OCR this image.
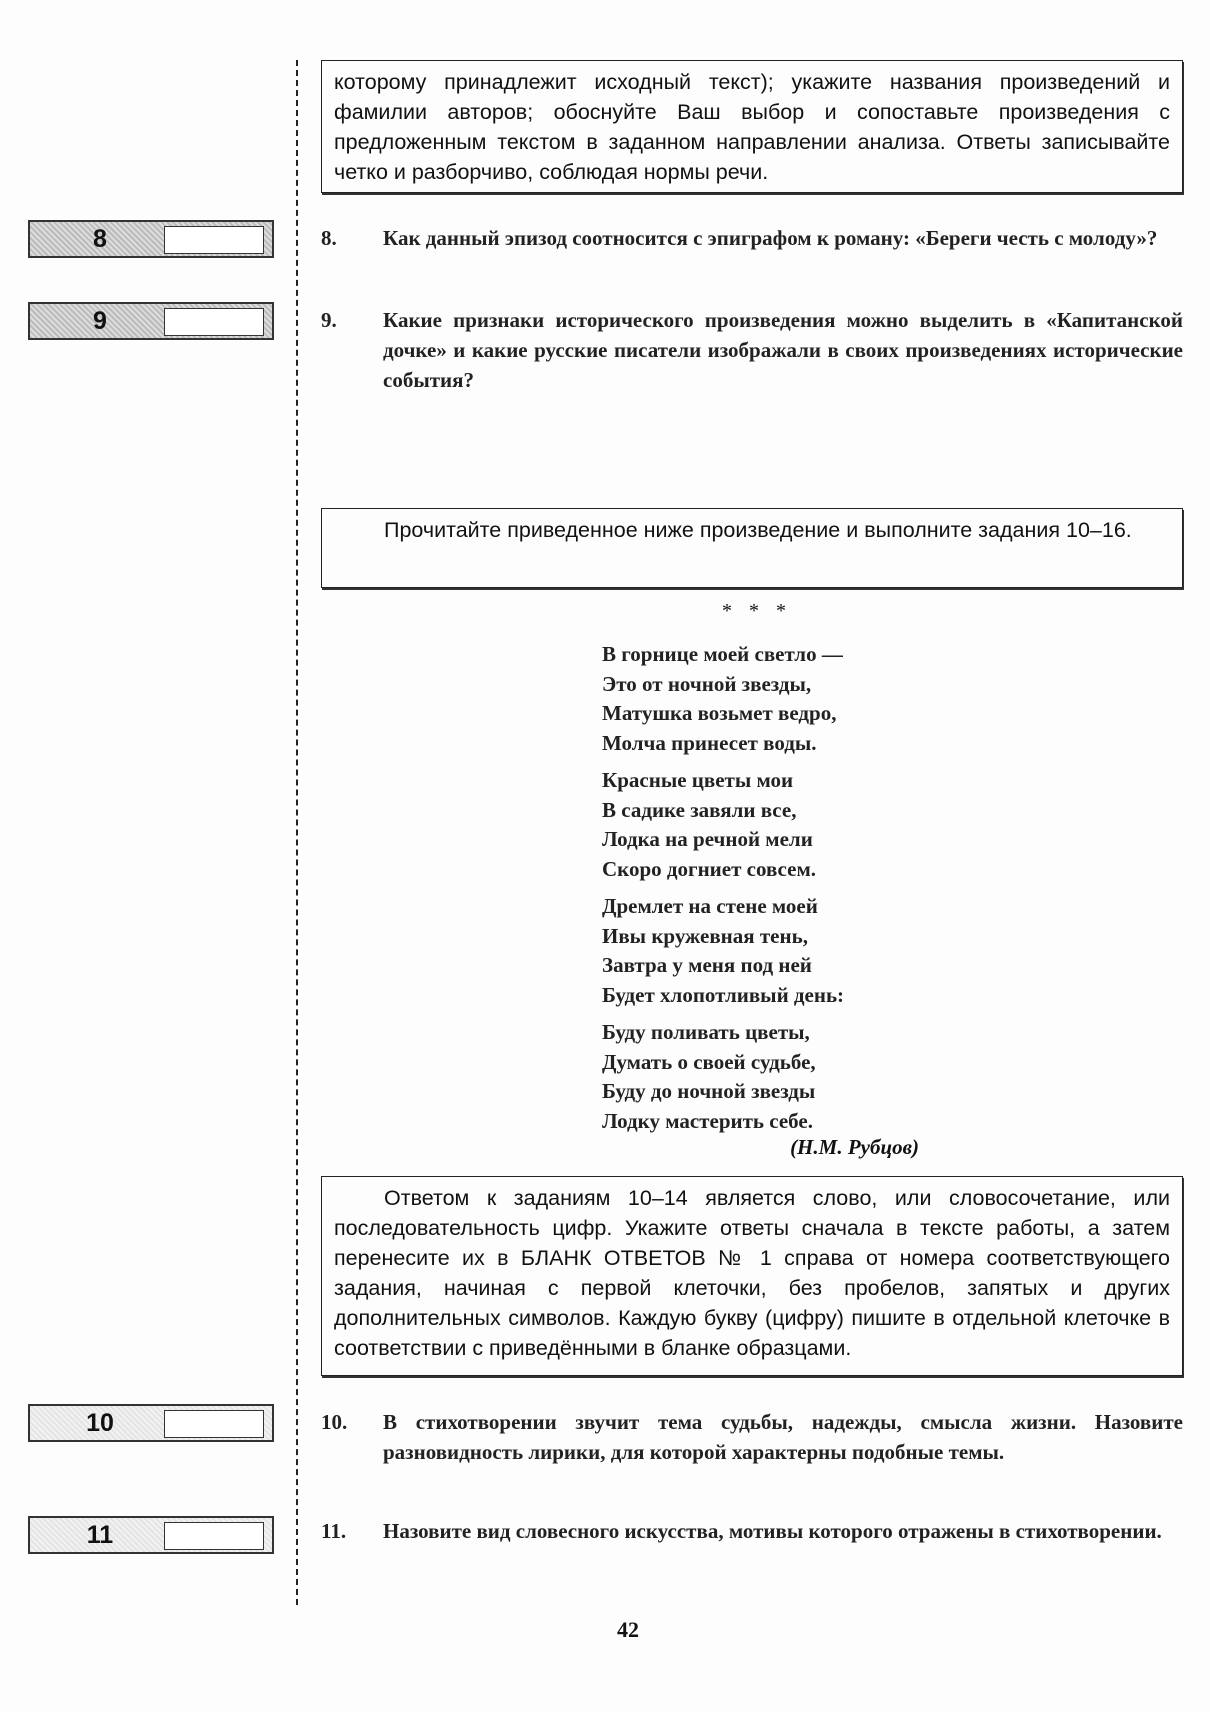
которому принадлежит исходный текст); укажите названия произведений и фамилии авторов; обоснуйте Ваш выбор и сопоставьте произведения с предложенным текстом в заданном направлении анализа. Ответы записывайте четко и разборчиво, соблюдая нормы речи.
8	8. Как данный эпизод соотносится с эпиграфом к роману: «Береги честь с молоду»?
9	9. Какие признаки исторического произведения можно выделить в «Капитанской дочке» и какие русские писатели изображали в своих произведениях исторические события?
Прочитайте приведенное ниже произведение и выполните задания 10–16.
* * *
В горнице моей светло —
Это от ночной звезды,
Матушка возьмет ведро,
Молча принесет воды.
Красные цветы мои
В садике завяли все,
Лодка на речной мели
Скоро догниет совсем.
Дремлет на стене моей
Ивы кружевная тень,
Завтра у меня под ней
Будет хлопотливый день:
Буду поливать цветы,
Думать о своей судьбе,
Буду до ночной звезды
Лодку мастерить себе.
(Н.М. Рубцов)
Ответом к заданиям 10–14 является слово, или словосочетание, или последовательность цифр. Укажите ответы сначала в тексте работы, а затем перенесите их в БЛАНК ОТВЕТОВ № 1 справа от номера соответствующего задания, начиная с первой клеточки, без пробелов, запятых и других дополнительных символов. Каждую букву (цифру) пишите в отдельной клеточке в соответствии с приведёнными в бланке образцами.
10	10. В стихотворении звучит тема судьбы, надежды, смысла жизни. Назовите разновидность лирики, для которой характерны подобные темы.
11	11. Назовите вид словесного искусства, мотивы которого отражены в стихотворении.
42
